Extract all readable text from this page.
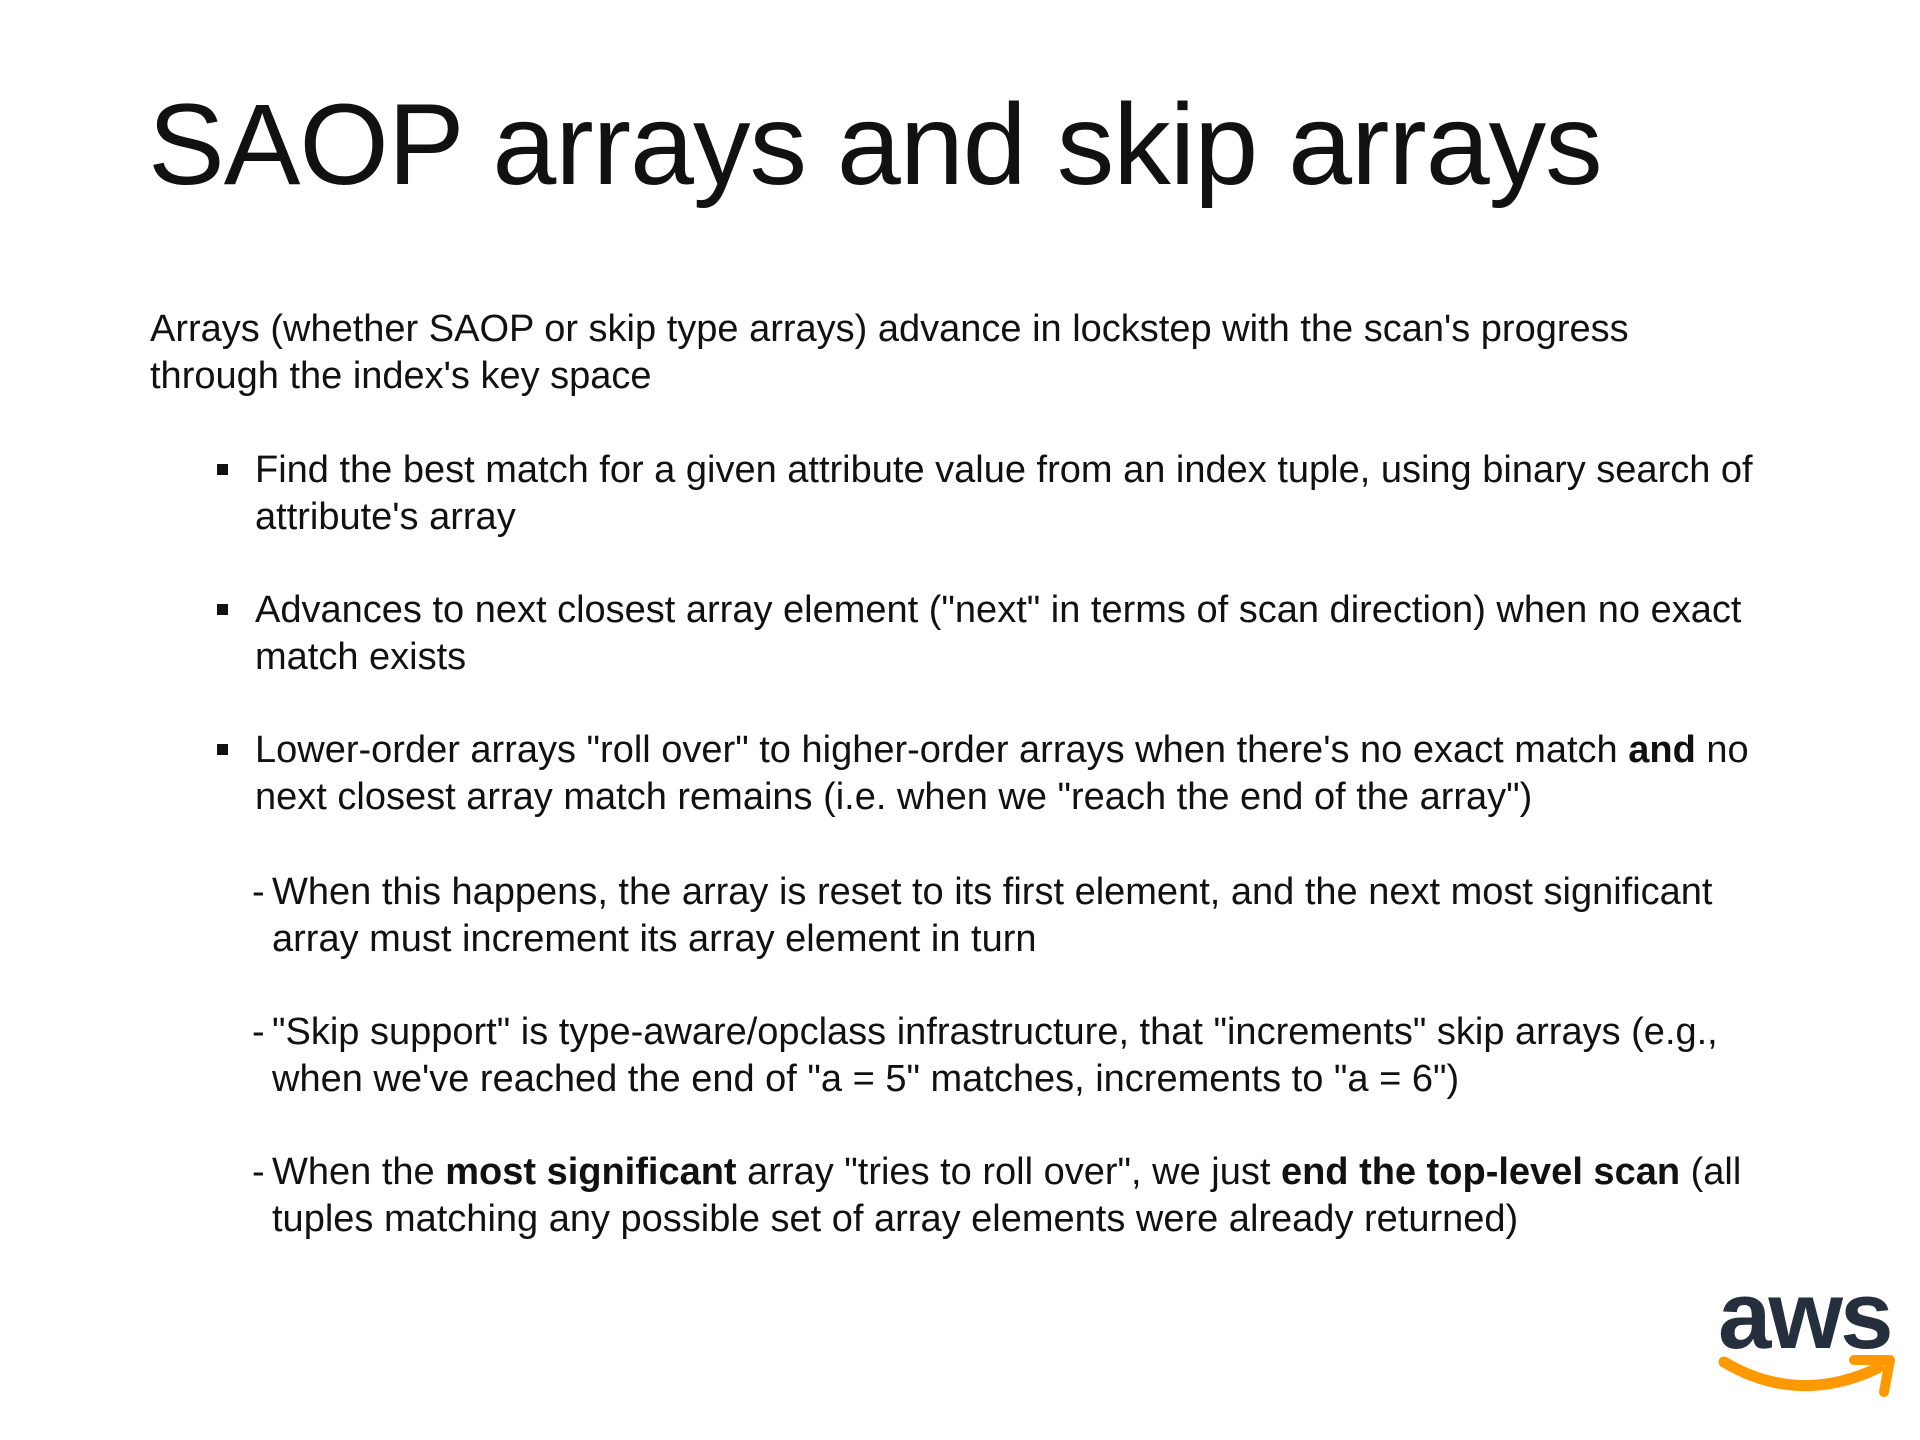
SAOP arrays and skip arrays

Arrays (whether SAOP or skip type arrays) advance in lockstep with the scan's progress through the index's key space

Find the best match for a given attribute value from an index tuple, using binary search of attribute's array
Advances to next closest array element ("next" in terms of scan direction) when no exact match exists
Lower-order arrays "roll over" to higher-order arrays when there's no exact match and no next closest array match remains (i.e. when we "reach the end of the array")
- When this happens, the array is reset to its first element, and the next most significant array must increment its array element in turn
- "Skip support" is type-aware/opclass infrastructure, that "increments" skip arrays (e.g., when we've reached the end of "a = 5" matches, increments to "a = 6")
- When the most significant array "tries to roll over", we just end the top-level scan (all tuples matching any possible set of array elements were already returned)
aws
